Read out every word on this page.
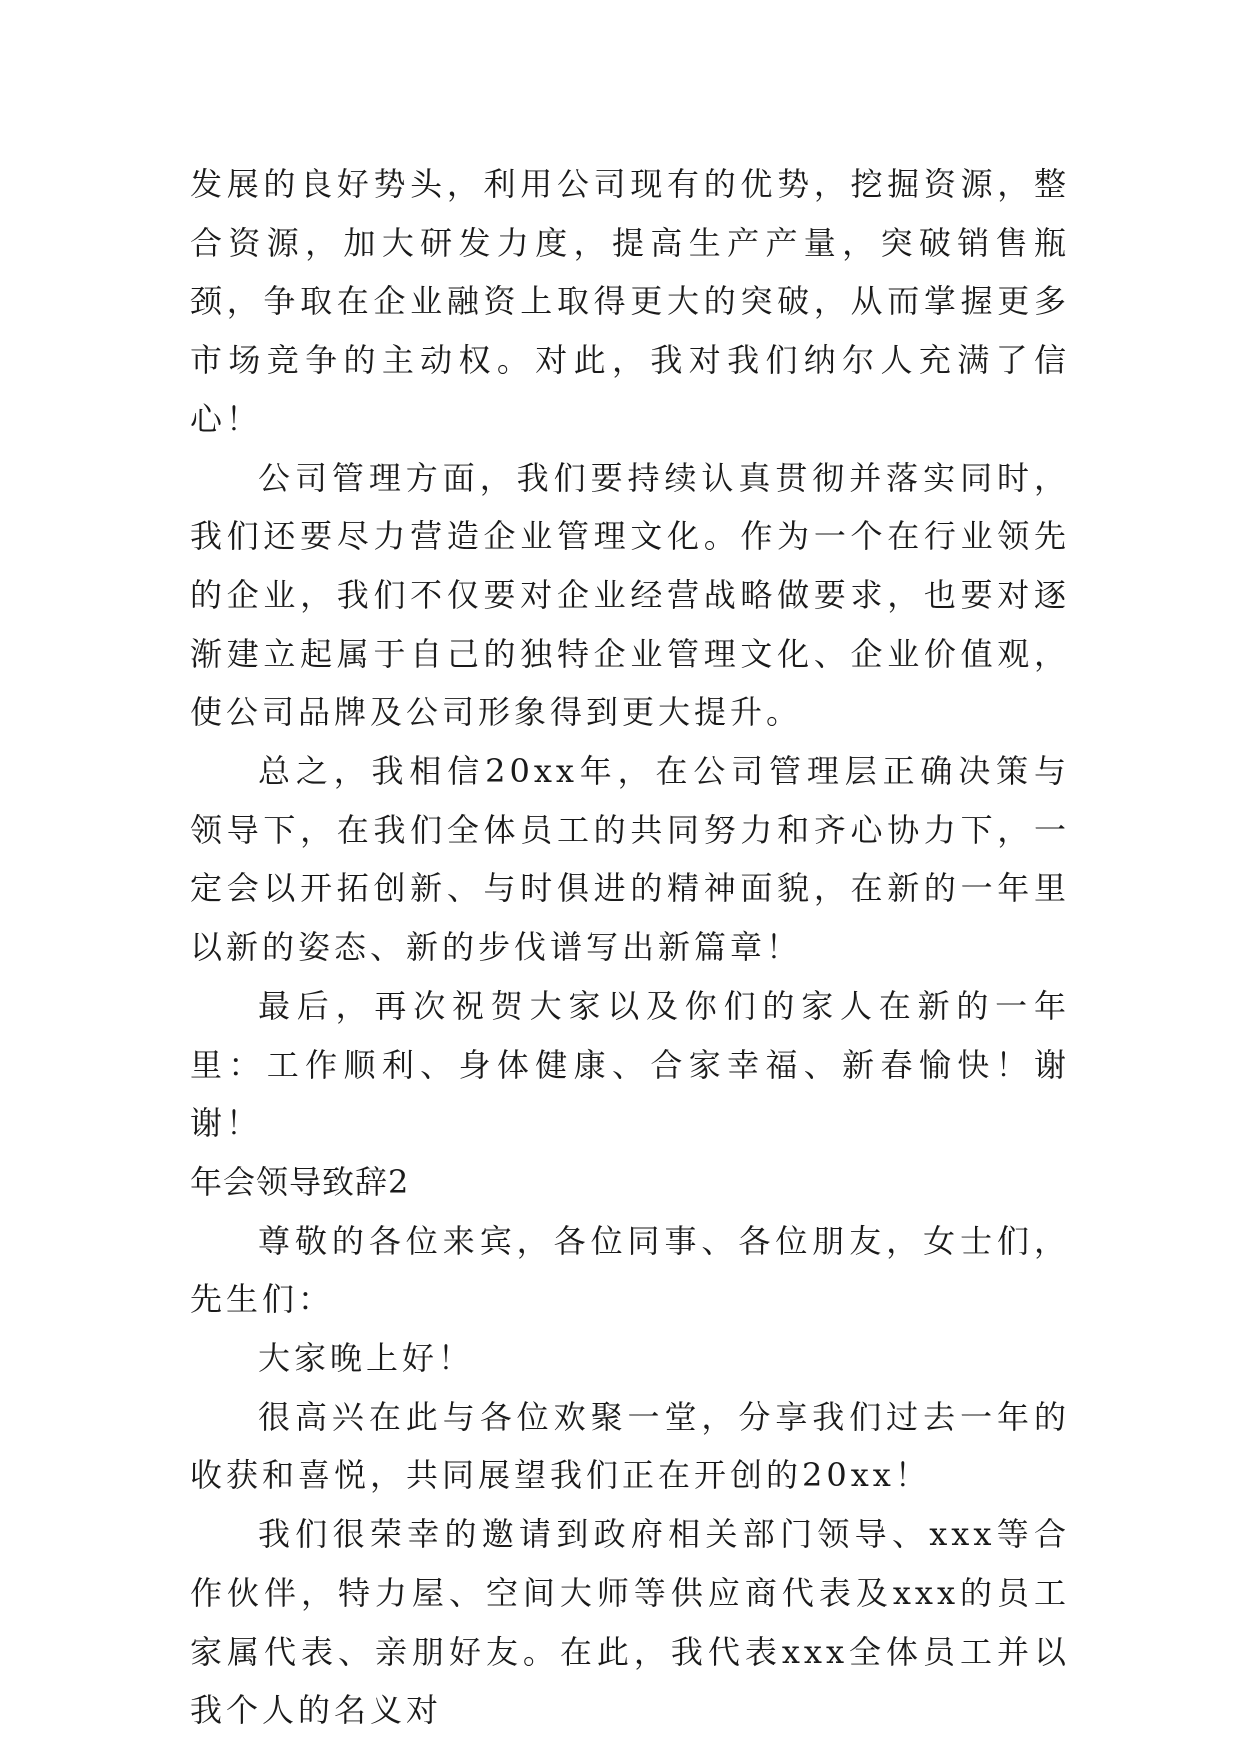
发展的良好势头，利用公司现有的优势，挖掘资源，整合资源，加大研发力度，提高生产产量，突破销售瓶颈，争取在企业融资上取得更大的突破，从而掌握更多市场竞争的主动权。对此，我对我们纳尔人充满了信心！

公司管理方面，我们要持续认真贯彻并落实同时，我们还要尽力营造企业管理文化。作为一个在行业领先的企业，我们不仅要对企业经营战略做要求，也要对逐渐建立起属于自己的独特企业管理文化、企业价值观，使公司品牌及公司形象得到更大提升。

总之，我相信20xx年，在公司管理层正确决策与领导下，在我们全体员工的共同努力和齐心协力下，一定会以开拓创新、与时俱进的精神面貌，在新的一年里以新的姿态、新的步伐谱写出新篇章！

最后，再次祝贺大家以及你们的家人在新的一年里：工作顺利、身体健康、合家幸福、新春愉快！谢谢！

年会领导致辞2

尊敬的各位来宾，各位同事、各位朋友，女士们，先生们：

大家晚上好！

很高兴在此与各位欢聚一堂，分享我们过去一年的收获和喜悦，共同展望我们正在开创的20xx！

我们很荣幸的邀请到政府相关部门领导、xxx等合作伙伴，特力屋、空间大师等供应商代表及xxx的员工家属代表、亲朋好友。在此，我代表xxx全体员工并以我个人的名义对
